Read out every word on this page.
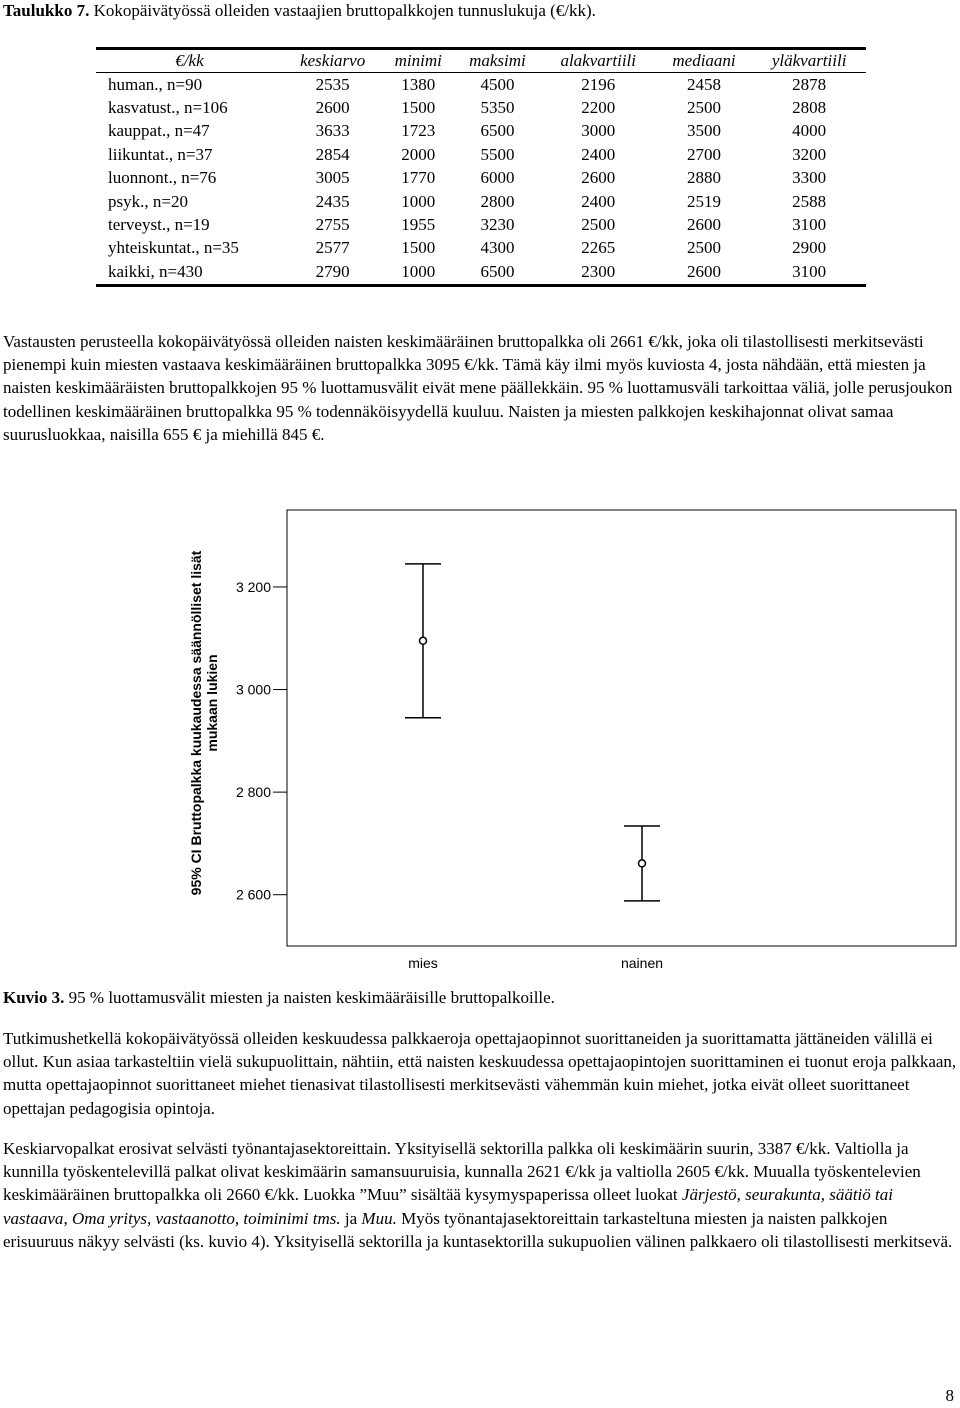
Taulukko 7. Kokopäivätyössä olleiden vastaajien bruttopalkkojen tunnuslukuja (€/kk).

€/kk	keskiarvo	minimi	maksimi	alakvartiili	mediaani	yläkvartiili
human., n=90	2535	1380	4500	2196	2458	2878
kasvatust., n=106	2600	1500	5350	2200	2500	2808
kauppat., n=47	3633	1723	6500	3000	3500	4000
liikuntat., n=37	2854	2000	5500	2400	2700	3200
luonnont., n=76	3005	1770	6000	2600	2880	3300
psyk., n=20	2435	1000	2800	2400	2519	2588
terveyst., n=19	2755	1955	3230	2500	2600	3100
yhteiskuntat., n=35	2577	1500	4300	2265	2500	2900
kaikki, n=430	2790	1000	6500	2300	2600	3100

Vastausten perusteella kokopäivätyössä olleiden naisten keskimääräinen bruttopalkka oli 2661 €/kk, joka oli tilastollisesti merkitsevästi pienempi kuin miesten vastaava keskimääräinen bruttopalkka 3095 €/kk. Tämä käy ilmi myös kuviosta 4, josta nähdään, että miesten ja naisten keskimääräisten bruttopalkkojen 95 % luottamusvälit eivät mene päällekkäin. 95 % luottamusväli tarkoittaa väliä, jolle perusjoukon todellinen keskimääräinen bruttopalkka 95 % todennäköisyydellä kuuluu. Naisten ja miesten palkkojen keskihajonnat olivat samaa suurusluokkaa, naisilla 655 € ja miehillä 845 €.

2 600
2 800
3 000
3 200
95% CI Bruttopalkka kuukaudessa säännölliset lisät mukaan lukien
mies	nainen

Kuvio 3. 95 % luottamusvälit miesten ja naisten keskimääräisille bruttopalkoille.

Tutkimushetkellä kokopäivätyössä olleiden keskuudessa palkkaeroja opettajaopinnot suorittaneiden ja suorittamatta jättäneiden välillä ei ollut. Kun asiaa tarkasteltiin vielä sukupuolittain, nähtiin, että naisten keskuudessa opettajaopintojen suorittaminen ei tuonut eroja palkkaan, mutta opettajaopinnot suorittaneet miehet tienasivat tilastollisesti merkitsevästi vähemmän kuin miehet, jotka eivät olleet suorittaneet opettajan pedagogisia opintoja.

Keskiarvopalkat erosivat selvästi työnantajasektoreittain. Yksityisellä sektorilla palkka oli keskimäärin suurin, 3387 €/kk. Valtiolla ja kunnilla työskentelevillä palkat olivat keskimäärin samansuuruisia, kunnalla 2621 €/kk ja valtiolla 2605 €/kk. Muualla työskentelevien keskimääräinen bruttopalkka oli 2660 €/kk. Luokka ”Muu” sisältää kysymyspaperissa olleet luokat Järjestö, seurakunta, säätiö tai vastaava, Oma yritys, vastaanotto, toiminimi tms. ja Muu. Myös työnantajasektoreittain tarkasteltuna miesten ja naisten palkkojen erisuuruus näkyy selvästi (ks. kuvio 4). Yksityisellä sektorilla ja kuntasektorilla sukupuolien välinen palkkaero oli tilastollisesti merkitsevä.

8
